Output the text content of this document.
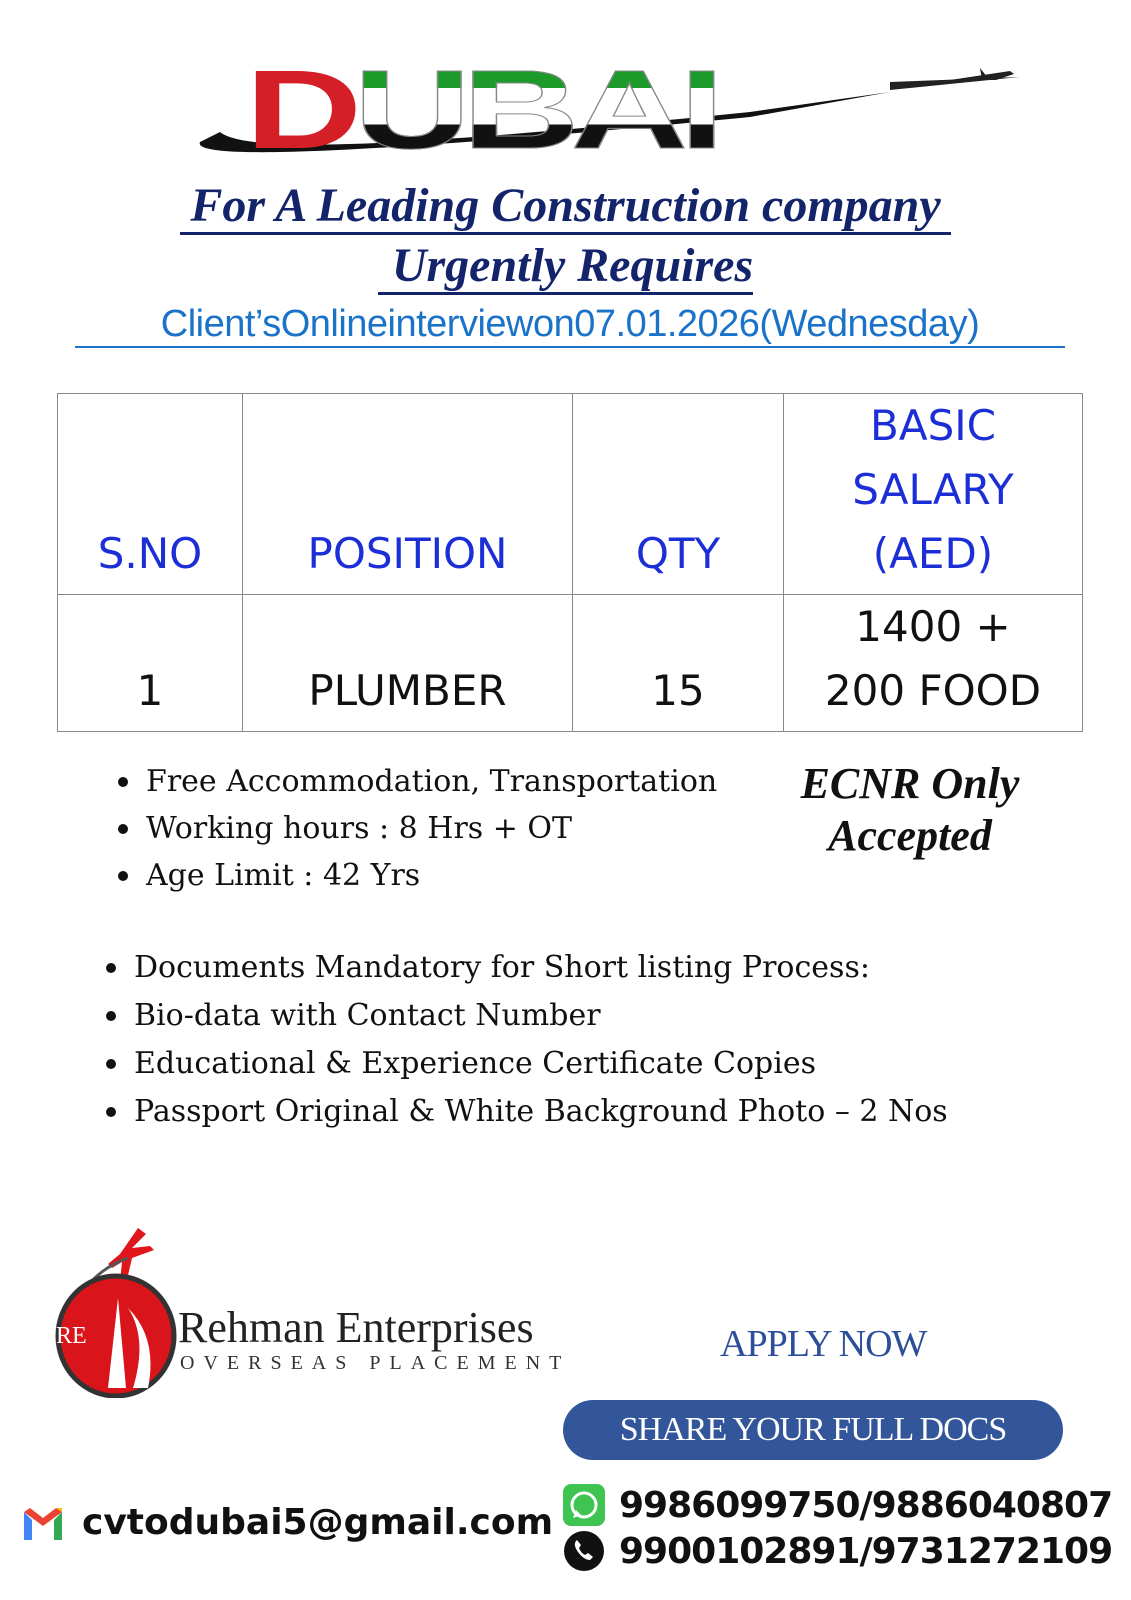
DUBAI
For A Leading Construction company
Urgently Requires
Client’sOnlineinterviewon07.01.2026(Wednesday)
S.NO	POSITION	QTY	BASIC SALARY (AED)
1	PLUMBER	15	1400 + 200 FOOD
Free Accommodation, Transportation
Working hours : 8 Hrs + OT
Age Limit : 42 Yrs
ECNR Only
Accepted
Documents Mandatory for Short listing Process:
Bio-data with Contact Number
Educational & Experience Certificate Copies
Passport Original & White Background Photo – 2 Nos
RE Rehman Enterprises
OVERSEAS PLACEMENT	APPLY NOW
SHARE YOUR FULL DOCS
cvtodubai5@gmail.com 9986099750/9886040807
9900102891/9731272109
